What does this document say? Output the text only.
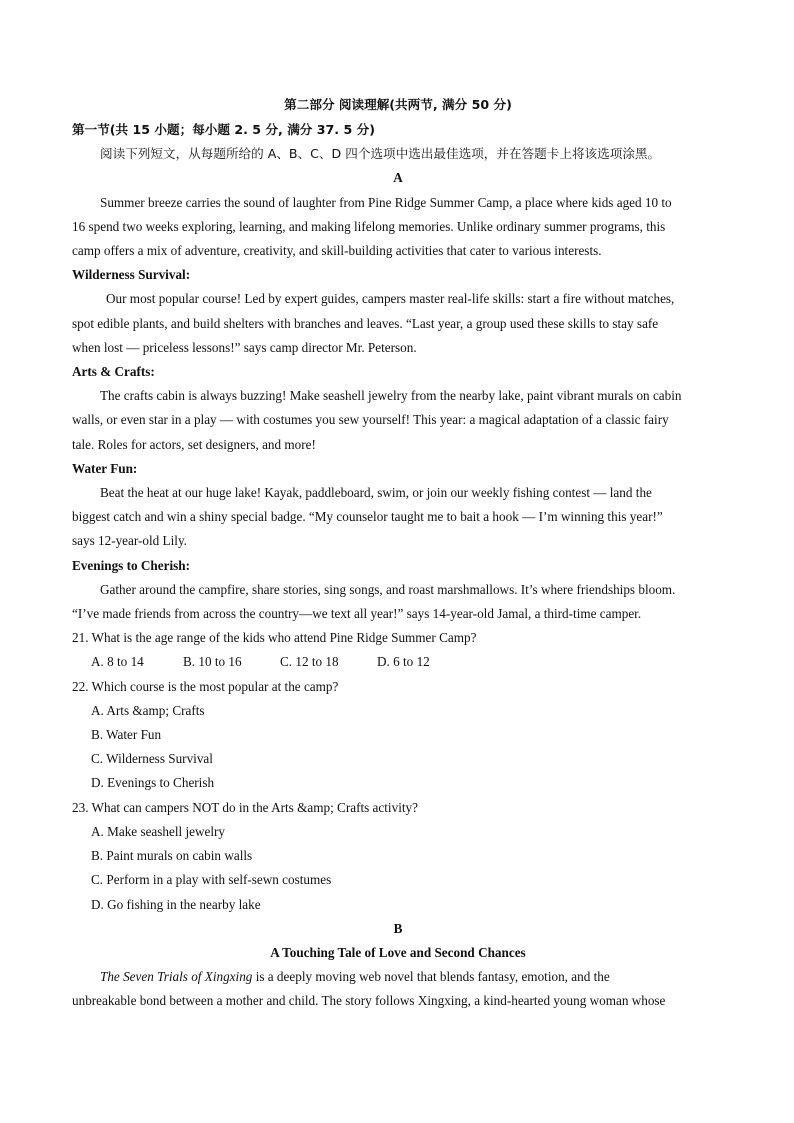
第二部分 阅读理解(共两节, 满分 50 分)
第一节(共 15 小题；每小题 2. 5 分, 满分 37. 5 分)
阅读下列短文，从每题所给的 A、B、C、D 四个选项中选出最佳选项，并在答题卡上将该选项涂黑。
A
Summer breeze carries the sound of laughter from Pine Ridge Summer Camp, a place where kids aged 10 to
16 spend two weeks exploring, learning, and making lifelong memories. Unlike ordinary summer programs, this
camp offers a mix of adventure, creativity, and skill-building activities that cater to various interests.
Wilderness Survival:
Our most popular course! Led by expert guides, campers master real-life skills: start a fire without matches,
spot edible plants, and build shelters with branches and leaves. “Last year, a group used these skills to stay safe
when lost — priceless lessons!” says camp director Mr. Peterson.
Arts & Crafts:
The crafts cabin is always buzzing! Make seashell jewelry from the nearby lake, paint vibrant murals on cabin
walls, or even star in a play — with costumes you sew yourself! This year: a magical adaptation of a classic fairy
tale. Roles for actors, set designers, and more!
Water Fun:
Beat the heat at our huge lake! Kayak, paddleboard, swim, or join our weekly fishing contest — land the
biggest catch and win a shiny special badge. “My counselor taught me to bait a hook — I’m winning this year!”
says 12-year-old Lily.
Evenings to Cherish:
Gather around the campfire, share stories, sing songs, and roast marshmallows. It’s where friendships bloom.
“I’ve made friends from across the country—we text all year!” says 14-year-old Jamal, a third-time camper.
21. What is the age range of the kids who attend Pine Ridge Summer Camp?
A. 8 to 14	B. 10 to 16	C. 12 to 18	D. 6 to 12
22. Which course is the most popular at the camp?
A. Arts &amp; Crafts
B. Water Fun
C. Wilderness Survival
D. Evenings to Cherish
23. What can campers NOT do in the Arts &amp; Crafts activity?
A. Make seashell jewelry
B. Paint murals on cabin walls
C. Perform in a play with self-sewn costumes
D. Go fishing in the nearby lake
B
A Touching Tale of Love and Second Chances
The Seven Trials of Xingxing is a deeply moving web novel that blends fantasy, emotion, and the
unbreakable bond between a mother and child. The story follows Xingxing, a kind-hearted young woman whose
